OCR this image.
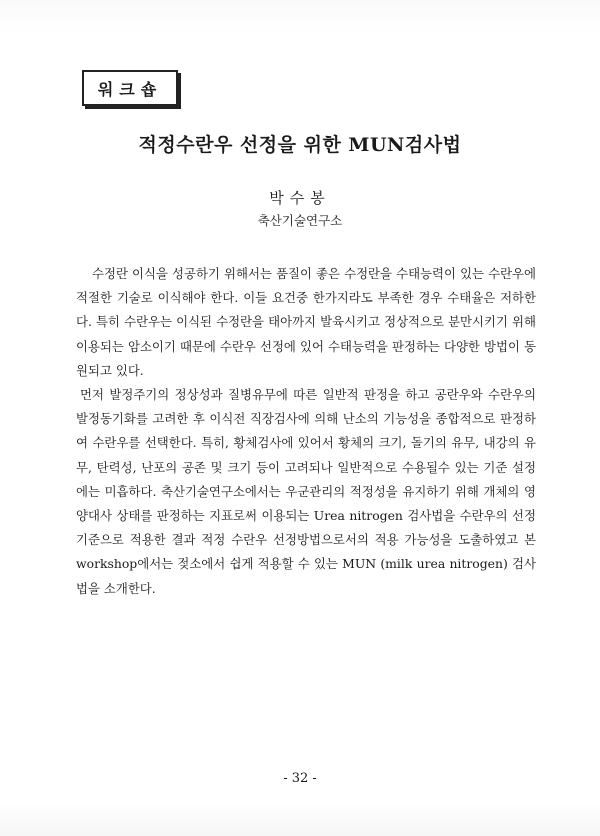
워크숍
적정수란우 선정을 위한 MUN검사법
박수봉
축산기술연구소

수정란 이식을 성공하기 위해서는 품질이 좋은 수정란을 수태능력이 있는 수란우에 적절한 기술로 이식해야 한다. 이들 요건중 한가지라도 부족한 경우 수태율은 저하한다. 특히 수란우는 이식된 수정란을 태아까지 발육시키고 정상적으로 분만시키기 위해 이용되는 암소이기 때문에 수란우 선정에 있어 수태능력을 판정하는 다양한 방법이 동원되고 있다.

먼저 발정주기의 정상성과 질병유무에 따른 일반적 판정을 하고 공란우와 수란우의 발정동기화를 고려한 후 이식전 직장검사에 의해 난소의 기능성을 종합적으로 판정하여 수란우를 선택한다. 특히, 황체검사에 있어서 황체의 크기, 돌기의 유무, 내강의 유무, 탄력성, 난포의 공존 및 크기 등이 고려되나 일반적으로 수용될수 있는 기준 설정에는 미흡하다. 축산기술연구소에서는 우군관리의 적정성을 유지하기 위해 개체의 영양대사 상태를 판정하는 지표로써 이용되는 Urea nitrogen 검사법을 수란우의 선정기준으로 적용한 결과 적정 수란우 선정방법으로서의 적용 가능성을 도출하였고 본 workshop에서는 젖소에서 쉽게 적용할 수 있는 MUN (milk urea nitrogen) 검사법을 소개한다.

- 32 -
